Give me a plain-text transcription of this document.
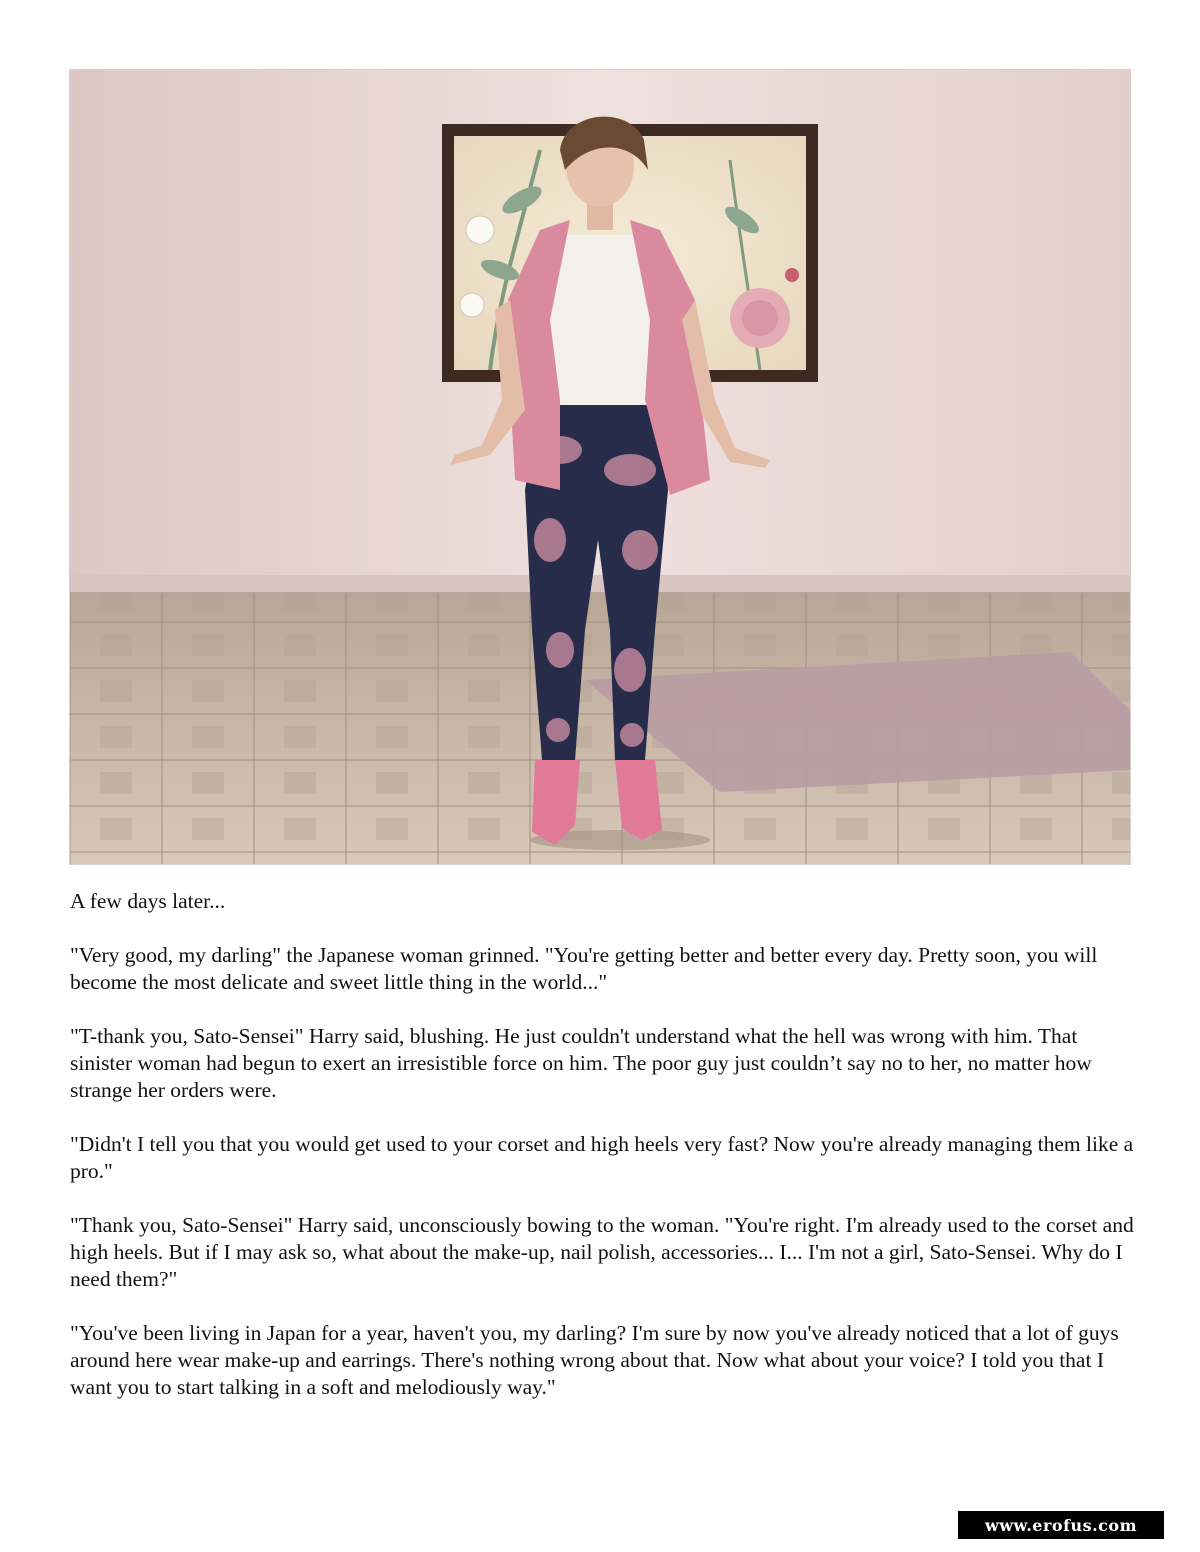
A few days later...

"Very good, my darling" the Japanese woman grinned. "You're getting better and better every day. Pretty soon, you will become the most delicate and sweet little thing in the world..."

"T-thank you, Sato-Sensei" Harry said, blushing. He just couldn't understand what the hell was wrong with him. That sinister woman had begun to exert an irresistible force on him. The poor guy just couldn’t say no to her, no matter how strange her orders were.

"Didn't I tell you that you would get used to your corset and high heels very fast? Now you're already managing them like a pro."

"Thank you, Sato-Sensei" Harry said, unconsciously bowing to the woman. "You're right. I'm already used to the corset and high heels. But if I may ask so, what about the make-up, nail polish, accessories... I... I'm not a girl, Sato-Sensei. Why do I need them?"

"You've been living in Japan for a year, haven't you, my darling? I'm sure by now you've already noticed that a lot of guys around here wear make-up and earrings. There's nothing wrong about that. Now what about your voice? I told you that I want you to start talking in a soft and melodiously way."

www.erofus.com
